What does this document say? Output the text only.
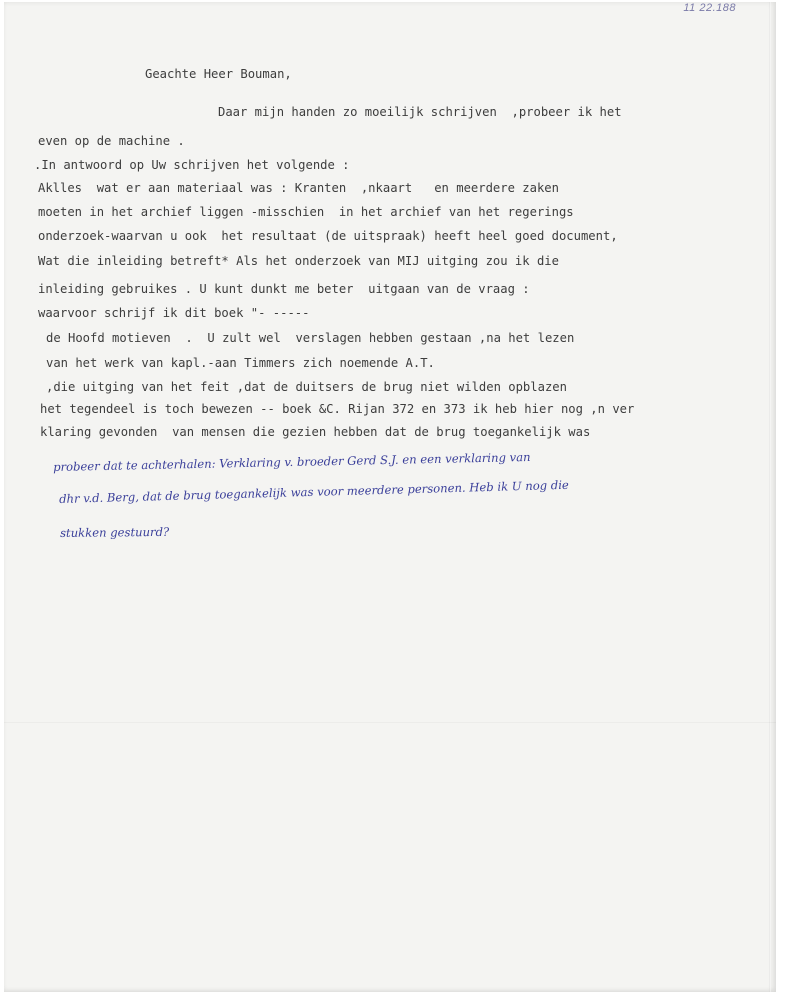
11 22.188
Geachte Heer Bouman,
Daar mijn handen zo moeilijk schrijven  ,probeer ik het
even op de machine .
.In antwoord op Uw schrijven het volgende :
Aklles  wat er aan materiaal was : Kranten  ,nkaart   en meerdere zaken
moeten in het archief liggen -misschien  in het archief van het regerings
onderzoek-waarvan u ook  het resultaat (de uitspraak) heeft heel goed document,
Wat die inleiding betreft* Als het onderzoek van MIJ uitging zou ik die
inleiding gebruikes . U kunt dunkt me beter  uitgaan van de vraag :
waarvoor schrijf ik dit boek "- -----
de Hoofd motieven  .  U zult wel  verslagen hebben gestaan ,na het lezen
van het werk van kapl.-aan Timmers zich noemende A.T.
,die uitging van het feit ,dat de duitsers de brug niet wilden opblazen
het tegendeel is toch bewezen -- boek &C. Rijan 372 en 373 ik heb hier nog ,n ver
klaring gevonden  van mensen die gezien hebben dat de brug toegankelijk was
probeer dat te achterhalen: Verklaring v. broeder Gerd S.J. en een verklaring van
dhr v.d. Berg, dat de brug toegankelijk was voor meerdere personen. Heb ik U nog die
stukken gestuurd?
